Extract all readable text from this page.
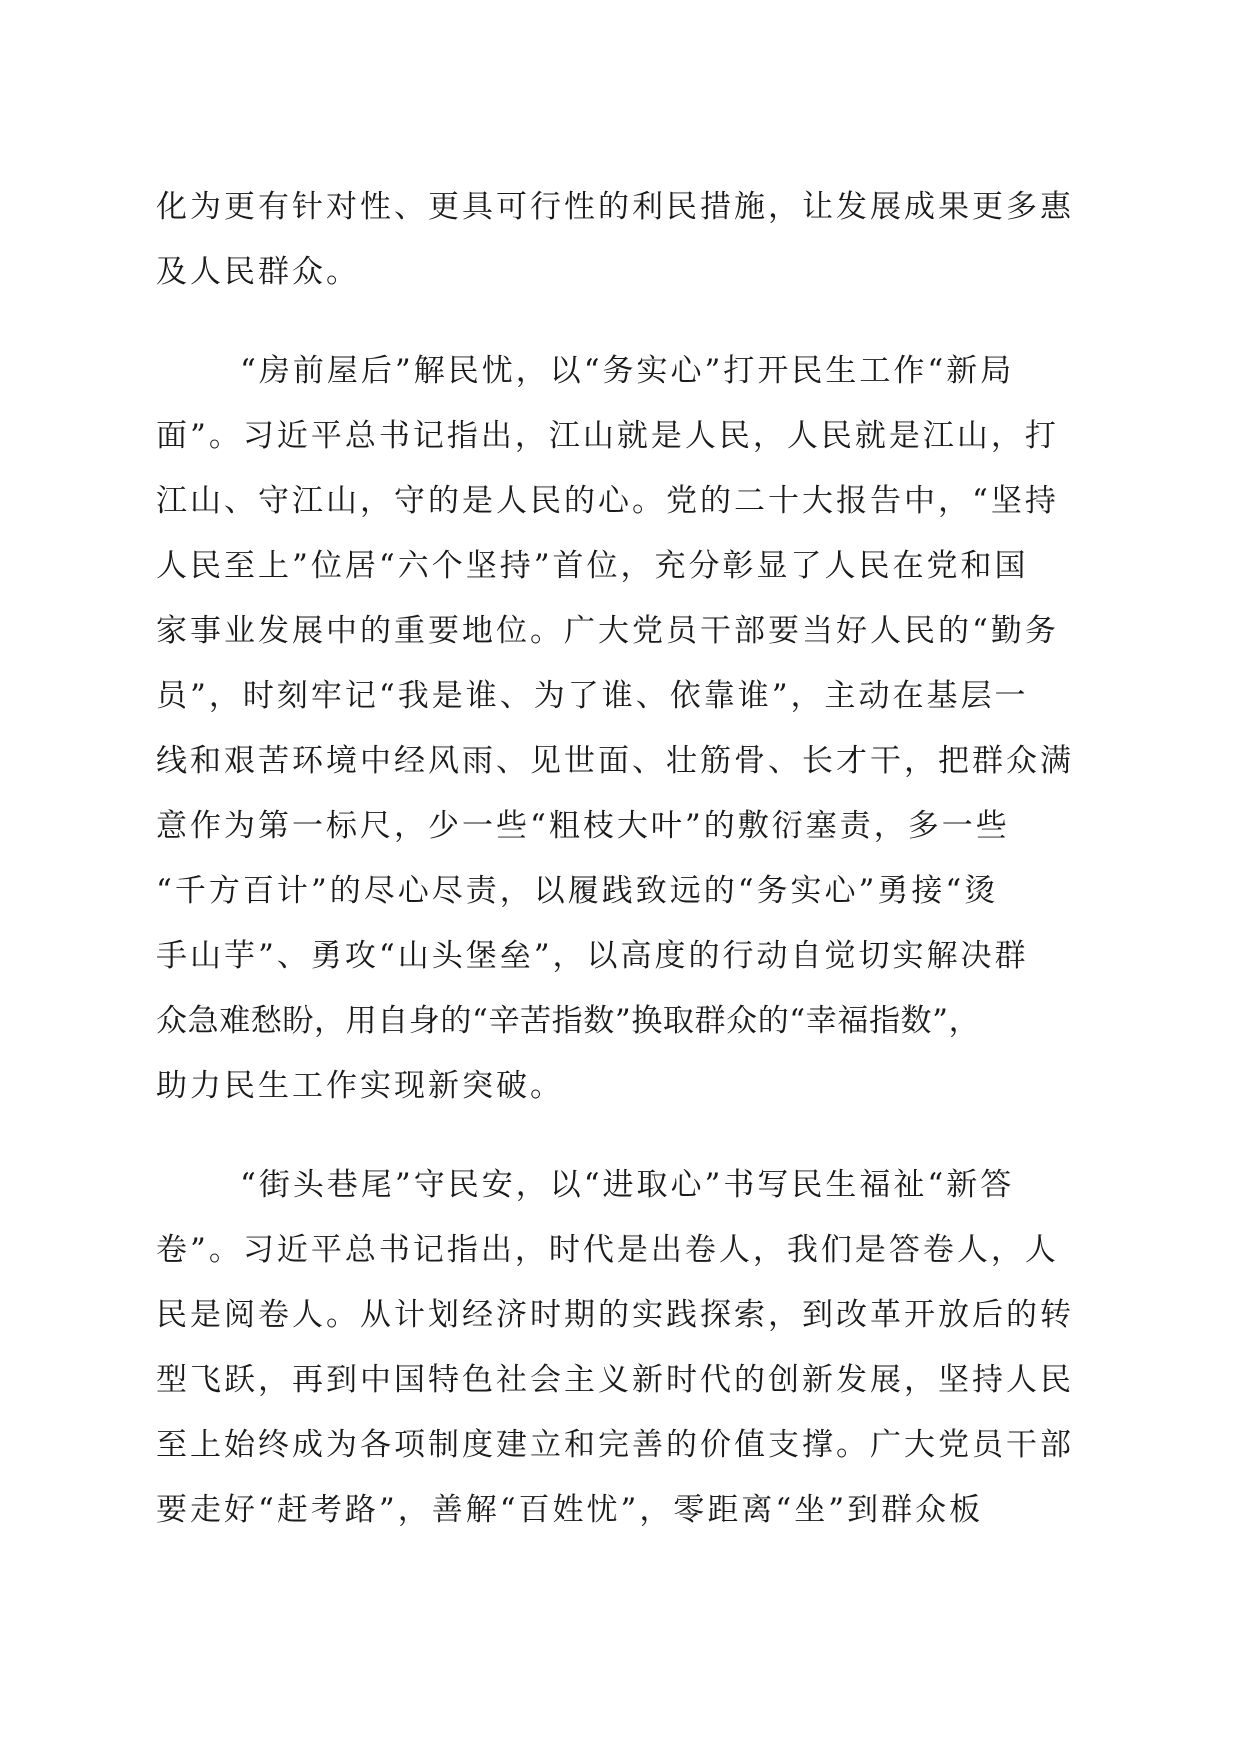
化为更有针对性、更具可行性的利民措施，让发展成果更多惠
及人民群众。
“房前屋后”解民忧，以“务实心”打开民生工作“新局
面”。习近平总书记指出，江山就是人民，人民就是江山，打
江山、守江山，守的是人民的心。党的二十大报告中，“坚持
人民至上”位居“六个坚持”首位，充分彰显了人民在党和国
家事业发展中的重要地位。广大党员干部要当好人民的“勤务
员”，时刻牢记“我是谁、为了谁、依靠谁”，主动在基层一
线和艰苦环境中经风雨、见世面、壮筋骨、长才干，把群众满
意作为第一标尺，少一些“粗枝大叶”的敷衍塞责，多一些
“千方百计”的尽心尽责，以履践致远的“务实心”勇接“烫
手山芋”、勇攻“山头堡垒”，以高度的行动自觉切实解决群
众急难愁盼，用自身的“辛苦指数”换取群众的“幸福指数”，
助力民生工作实现新突破。
“街头巷尾”守民安，以“进取心”书写民生福祉“新答
卷”。习近平总书记指出，时代是出卷人，我们是答卷人，人
民是阅卷人。从计划经济时期的实践探索，到改革开放后的转
型飞跃，再到中国特色社会主义新时代的创新发展，坚持人民
至上始终成为各项制度建立和完善的价值支撑。广大党员干部
要走好“赶考路”，善解“百姓忧”，零距离“坐”到群众板
